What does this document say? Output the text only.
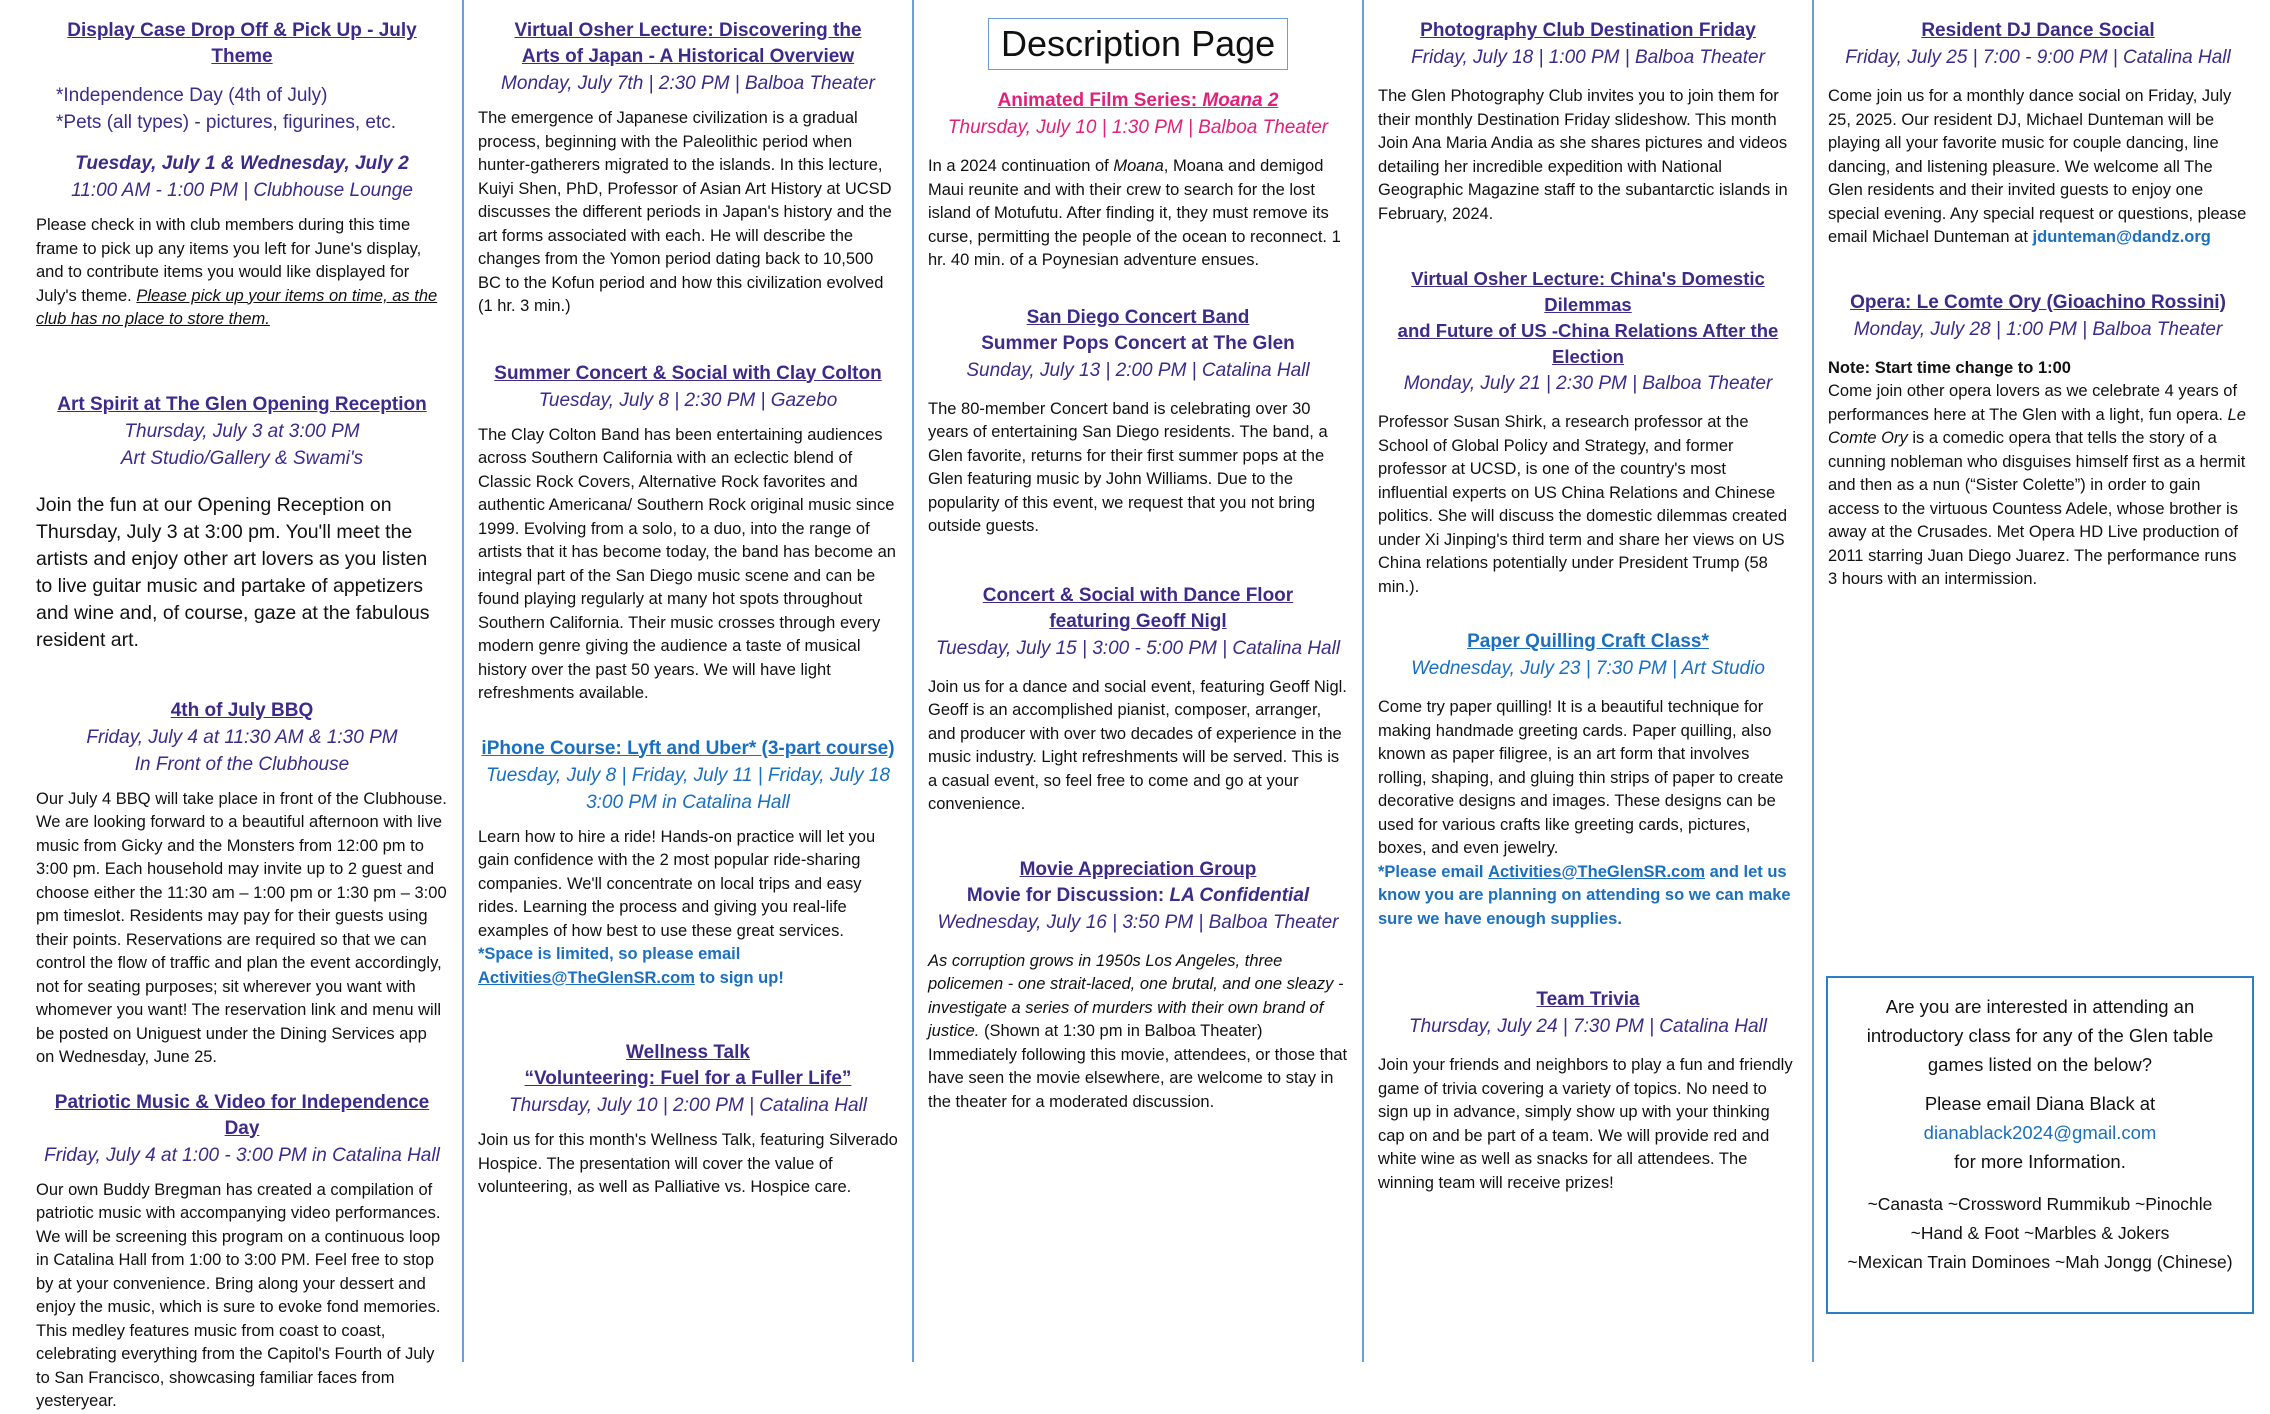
Display Case Drop Off & Pick Up - July Theme
*Independence Day (4th of July)
*Pets (all types) - pictures, figurines, etc.
Tuesday, July 1 & Wednesday, July 2
11:00 AM - 1:00 PM | Clubhouse Lounge
Please check in with club members during this time frame to pick up any items you left for June's display, and to contribute items you would like displayed for July's theme. Please pick up your items on time, as the club has no place to store them.
Art Spirit at The Glen Opening Reception
Thursday, July 3 at 3:00 PM
Art Studio/Gallery & Swami's
Join the fun at our Opening Reception on Thursday, July 3 at 3:00 pm. You'll meet the artists and enjoy other art lovers as you listen to live guitar music and partake of appetizers and wine and, of course, gaze at the fabulous resident art.
4th of July BBQ
Friday, July 4 at 11:30 AM & 1:30 PM
In Front of the Clubhouse
Our July 4 BBQ will take place in front of the Clubhouse. We are looking forward to a beautiful afternoon with live music from Gicky and the Monsters from 12:00 pm to 3:00 pm. Each household may invite up to 2 guest and choose either the 11:30 am – 1:00 pm or 1:30 pm – 3:00 pm timeslot. Residents may pay for their guests using their points. Reservations are required so that we can control the flow of traffic and plan the event accordingly, not for seating purposes; sit wherever you want with whomever you want! The reservation link and menu will be posted on Uniguest under the Dining Services app on Wednesday, June 25.
Patriotic Music & Video for Independence Day
Friday, July 4 at 1:00 - 3:00 PM in Catalina Hall
Our own Buddy Bregman has created a compilation of patriotic music with accompanying video performances. We will be screening this program on a continuous loop in Catalina Hall from 1:00 to 3:00 PM. Feel free to stop by at your convenience. Bring along your dessert and enjoy the music, which is sure to evoke fond memories. This medley features music from coast to coast, celebrating everything from the Capitol's Fourth of July to San Francisco, showcasing familiar faces from yesteryear.
Virtual Osher Lecture: Discovering the
Arts of Japan - A Historical Overview
Monday, July 7th | 2:30 PM | Balboa Theater
The emergence of Japanese civilization is a gradual process, beginning with the Paleolithic period when hunter-gatherers migrated to the islands. In this lecture, Kuiyi Shen, PhD, Professor of Asian Art History at UCSD discusses the different periods in Japan's history and the art forms associated with each. He will describe the changes from the Yomon period dating back to 10,500 BC to the Kofun period and how this civilization evolved (1 hr. 3 min.)
Summer Concert & Social with Clay Colton
Tuesday, July 8 | 2:30 PM | Gazebo
The Clay Colton Band has been entertaining audiences across Southern California with an eclectic blend of Classic Rock Covers, Alternative Rock favorites and authentic Americana/ Southern Rock original music since 1999. Evolving from a solo, to a duo, into the range of artists that it has become today, the band has become an integral part of the San Diego music scene and can be found playing regularly at many hot spots throughout Southern California. Their music crosses through every modern genre giving the audience a taste of musical history over the past 50 years. We will have light refreshments available.
iPhone Course: Lyft and Uber* (3-part course)
Tuesday, July 8 | Friday, July 11 | Friday, July 18
3:00 PM in Catalina Hall
Learn how to hire a ride! Hands-on practice will let you gain confidence with the 2 most popular ride-sharing companies. We'll concentrate on local trips and easy rides. Learning the process and giving you real-life examples of how best to use these great services. *Space is limited, so please email Activities@TheGlenSR.com to sign up!
Wellness Talk
“Volunteering: Fuel for a Fuller Life”
Thursday, July 10 | 2:00 PM | Catalina Hall
Join us for this month's Wellness Talk, featuring Silverado Hospice. The presentation will cover the value of volunteering, as well as Palliative vs. Hospice care.
Description Page
Animated Film Series: Moana 2
Thursday, July 10 | 1:30 PM | Balboa Theater
In a 2024 continuation of Moana, Moana and demigod Maui reunite and with their crew to search for the lost island of Motufutu. After finding it, they must remove its curse, permitting the people of the ocean to reconnect. 1 hr. 40 min. of a Poynesian adventure ensues.
San Diego Concert Band
Summer Pops Concert at The Glen
Sunday, July 13 | 2:00 PM | Catalina Hall
The 80-member Concert band is celebrating over 30 years of entertaining San Diego residents. The band, a Glen favorite, returns for their first summer pops at the Glen featuring music by John Williams. Due to the popularity of this event, we request that you not bring outside guests.
Concert & Social with Dance Floor
featuring Geoff Nigl
Tuesday, July 15 | 3:00 - 5:00 PM | Catalina Hall
Join us for a dance and social event, featuring Geoff Nigl. Geoff is an accomplished pianist, composer, arranger, and producer with over two decades of experience in the music industry. Light refreshments will be served. This is a casual event, so feel free to come and go at your convenience.
Movie Appreciation Group
Movie for Discussion: LA Confidential
Wednesday, July 16 | 3:50 PM | Balboa Theater
As corruption grows in 1950s Los Angeles, three policemen - one strait-laced, one brutal, and one sleazy - investigate a series of murders with their own brand of justice. (Shown at 1:30 pm in Balboa Theater) Immediately following this movie, attendees, or those that have seen the movie elsewhere, are welcome to stay in the theater for a moderated discussion.
Photography Club Destination Friday
Friday, July 18 | 1:00 PM | Balboa Theater
The Glen Photography Club invites you to join them for their monthly Destination Friday slideshow. This month Join Ana Maria Andia as she shares pictures and videos detailing her incredible expedition with National Geographic Magazine staff to the subantarctic islands in February, 2024.
Virtual Osher Lecture: China's Domestic Dilemmas
and Future of US -China Relations After the Election
Monday, July 21 | 2:30 PM | Balboa Theater
Professor Susan Shirk, a research professor at the School of Global Policy and Strategy, and former professor at UCSD, is one of the country's most influential experts on US China Relations and Chinese politics. She will discuss the domestic dilemmas created under Xi Jinping's third term and share her views on US China relations potentially under President Trump (58 min.).
Paper Quilling Craft Class*
Wednesday, July 23 | 7:30 PM | Art Studio
Come try paper quilling! It is a beautiful technique for making handmade greeting cards. Paper quilling, also known as paper filigree, is an art form that involves rolling, shaping, and gluing thin strips of paper to create decorative designs and images. These designs can be used for various crafts like greeting cards, pictures, boxes, and even jewelry.
*Please email Activities@TheGlenSR.com and let us know you are planning on attending so we can make sure we have enough supplies.
Team Trivia
Thursday, July 24 | 7:30 PM | Catalina Hall
Join your friends and neighbors to play a fun and friendly game of trivia covering a variety of topics. No need to sign up in advance, simply show up with your thinking cap on and be part of a team. We will provide red and white wine as well as snacks for all attendees. The winning team will receive prizes!
Resident DJ Dance Social
Friday, July 25 | 7:00 - 9:00 PM | Catalina Hall
Come join us for a monthly dance social on Friday, July 25, 2025. Our resident DJ, Michael Dunteman will be playing all your favorite music for couple dancing, line dancing, and listening pleasure. We welcome all The Glen residents and their invited guests to enjoy one special evening. Any special request or questions, please email Michael Dunteman at jdunteman@dandz.org
Opera: Le Comte Ory (Gioachino Rossini)
Monday, July 28 | 1:00 PM | Balboa Theater
Note: Start time change to 1:00
Come join other opera lovers as we celebrate 4 years of performances here at The Glen with a light, fun opera. Le Comte Ory is a comedic opera that tells the story of a cunning nobleman who disguises himself first as a hermit and then as a nun (“Sister Colette”) in order to gain access to the virtuous Countess Adele, whose brother is away at the Crusades. Met Opera HD Live production of 2011 starring Juan Diego Juarez. The performance runs 3 hours with an intermission.
Are you are interested in attending an introductory class for any of the Glen table games listed on the below?
Please email Diana Black at
dianablack2024@gmail.com
for more Information.
~Canasta ~Crossword Rummikub ~Pinochle
~Hand & Foot ~Marbles & Jokers
~Mexican Train Dominoes ~Mah Jongg (Chinese)
